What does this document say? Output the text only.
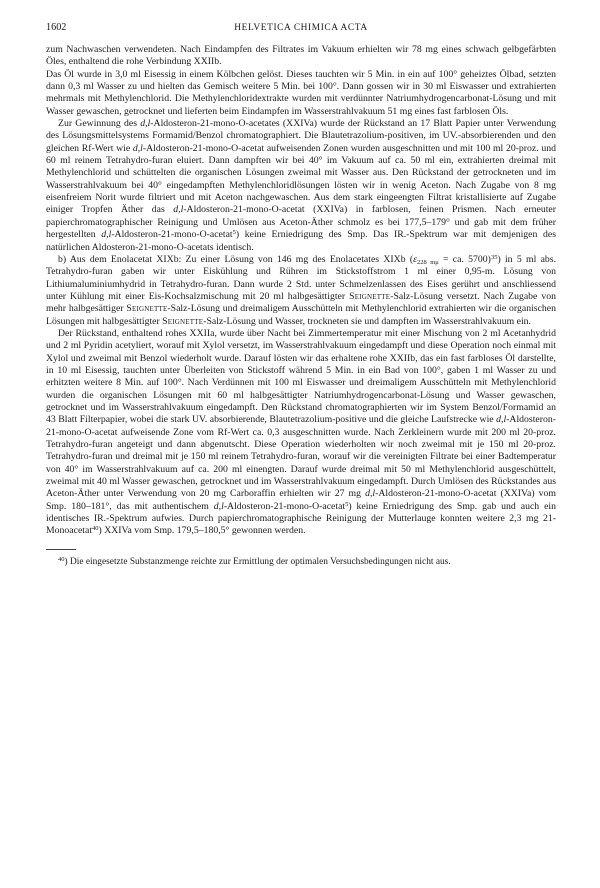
1602	HELVETICA CHIMICA ACTA

zum Nachwaschen verwendeten. Nach Eindampfen des Filtrates im Vakuum erhielten wir 78 mg eines schwach gelbgefärbten Öles, enthaltend die rohe Verbindung XXIIb.

Das Öl wurde in 3,0 ml Eisessig in einem Kölbchen gelöst. Dieses tauchten wir 5 Min. in ein auf 100° geheiztes Ölbad, setzten dann 0,3 ml Wasser zu und hielten das Gemisch weitere 5 Min. bei 100°. Dann gossen wir in 30 ml Eiswasser und extrahierten mehrmals mit Methylenchlorid. Die Methylenchloridextrakte wurden mit verdünnter Natriumhydrogencarbonat-Lösung und mit Wasser gewaschen, getrocknet und lieferten beim Eindampfen im Wasserstrahlvakuum 51 mg eines fast farblosen Öls.

Zur Gewinnung des d,l-Aldosteron-21-mono-O-acetates (XXIVa) wurde der Rückstand an 17 Blatt Papier unter Verwendung des Lösungsmittelsystems Formamid/Benzol chromatographiert. Die Blautetrazolium-positiven, im UV.-absorbierenden und den gleichen Rf-Wert wie d,l-Aldosteron-21-mono-O-acetat aufweisenden Zonen wurden ausgeschnitten und mit 100 ml 20-proz. und 60 ml reinem Tetrahydro-furan eluiert. Dann dampften wir bei 40° im Vakuum auf ca. 50 ml ein, extrahierten dreimal mit Methylenchlorid und schüttelten die organischen Lösungen zweimal mit Wasser aus. Den Rückstand der getrockneten und im Wasserstrahlvakuum bei 40° eingedampften Methylenchloridlösungen lösten wir in wenig Aceton. Nach Zugabe von 8 mg eisenfreiem Norit wurde filtriert und mit Aceton nachgewaschen. Aus dem stark eingeengten Filtrat kristallisierte auf Zugabe einiger Tropfen Äther das d,l-Aldosteron-21-mono-O-acetat (XXIVa) in farblosen, feinen Prismen. Nach erneuter papierchromatographischer Reinigung und Umlösen aus Aceton-Äther schmolz es bei 177,5–179° und gab mit dem früher hergestellten d,l-Aldosteron-21-mono-O-acetat$^5$) keine Erniedrigung des Smp. Das IR.-Spektrum war mit demjenigen des natürlichen Aldosteron-21-mono-O-acetats identisch.

b) Aus dem Enolacetat XIXb: Zu einer Lösung von 146 mg des Enolacetates XIXb ($\varepsilon_{228 m\mu}$ = ca. 5700)$^{35}$) in 5 ml abs. Tetrahydro-furan gaben wir unter Eiskühlung und Rühren im Stickstoffstrom 1 ml einer 0,95-m. Lösung von Lithiumaluminiumhydrid in Tetrahydro-furan. Dann wurde 2 Std. unter Schmelzenlassen des Eises gerührt und anschliessend unter Kühlung mit einer Eis-Kochsalzmischung mit 20 ml halbgesättigter Seignette-Salz-Lösung versetzt. Nach Zugabe von mehr halbgesättiger Seignette-Salz-Lösung und dreimaligem Ausschütteln mit Methylenchlorid extrahierten wir die organischen Lösungen mit halbgesättigter Seignette-Salz-Lösung und Wasser, trockneten sie und dampften im Wasserstrahlvakuum ein.

Der Rückstand, enthaltend rohes XXIIa, wurde über Nacht bei Zimmertemperatur mit einer Mischung von 2 ml Acetanhydrid und 2 ml Pyridin acetyliert, worauf mit Xylol versetzt, im Wasserstrahlvakuum eingedampft und diese Operation noch einmal mit Xylol und zweimal mit Benzol wiederholt wurde. Darauf lösten wir das erhaltene rohe XXIIb, das ein fast farbloses Öl darstellte, in 10 ml Eisessig, tauchten unter Überleiten von Stickstoff während 5 Min. in ein Bad von 100°, gaben 1 ml Wasser zu und erhitzten weitere 8 Min. auf 100°. Nach Verdünnen mit 100 ml Eiswasser und dreimaligem Ausschütteln mit Methylenchlorid wurden die organischen Lösungen mit 60 ml halbgesättigter Natriumhydrogencarbonat-Lösung und Wasser gewaschen, getrocknet und im Wasserstrahlvakuum eingedampft. Den Rückstand chromatographierten wir im System Benzol/Formamid an 43 Blatt Filterpapier, wobei die stark UV. absorbierende, Blautetrazolium-positive und die gleiche Laufstrecke wie d,l-Aldosteron-21-mono-O-acetat aufweisende Zone vom Rf-Wert ca. 0,3 ausgeschnitten wurde. Nach Zerkleinern wurde mit 200 ml 20-proz. Tetrahydro-furan angeteigt und dann abgenutscht. Diese Operation wiederholten wir noch zweimal mit je 150 ml 20-proz. Tetrahydro-furan und dreimal mit je 150 ml reinem Tetrahydro-furan, worauf wir die vereinigten Filtrate bei einer Badtemperatur von 40° im Wasserstrahlvakuum auf ca. 200 ml einengten. Darauf wurde dreimal mit 50 ml Methylenchlorid ausgeschüttelt, zweimal mit 40 ml Wasser gewaschen, getrocknet und im Wasserstrahlvakuum eingedampft. Durch Umlösen des Rückstandes aus Aceton-Äther unter Verwendung von 20 mg Carboraffin erhielten wir 27 mg d,l-Aldosteron-21-mono-O-acetat (XXIVa) vom Smp. 180–181°, das mit authentischem d,l-Aldosteron-21-mono-O-acetat$^5$) keine Erniedrigung des Smp. gab und auch ein identisches IR.-Spektrum aufwies. Durch papierchromatographische Reinigung der Mutterlauge konnten weitere 2,3 mg 21-Monoacetat$^{40}$) XXIVa vom Smp. 179,5–180,5° gewonnen werden.

$^{40}$) Die eingesetzte Substanzmenge reichte zur Ermittlung der optimalen Versuchsbedingungen nicht aus.
